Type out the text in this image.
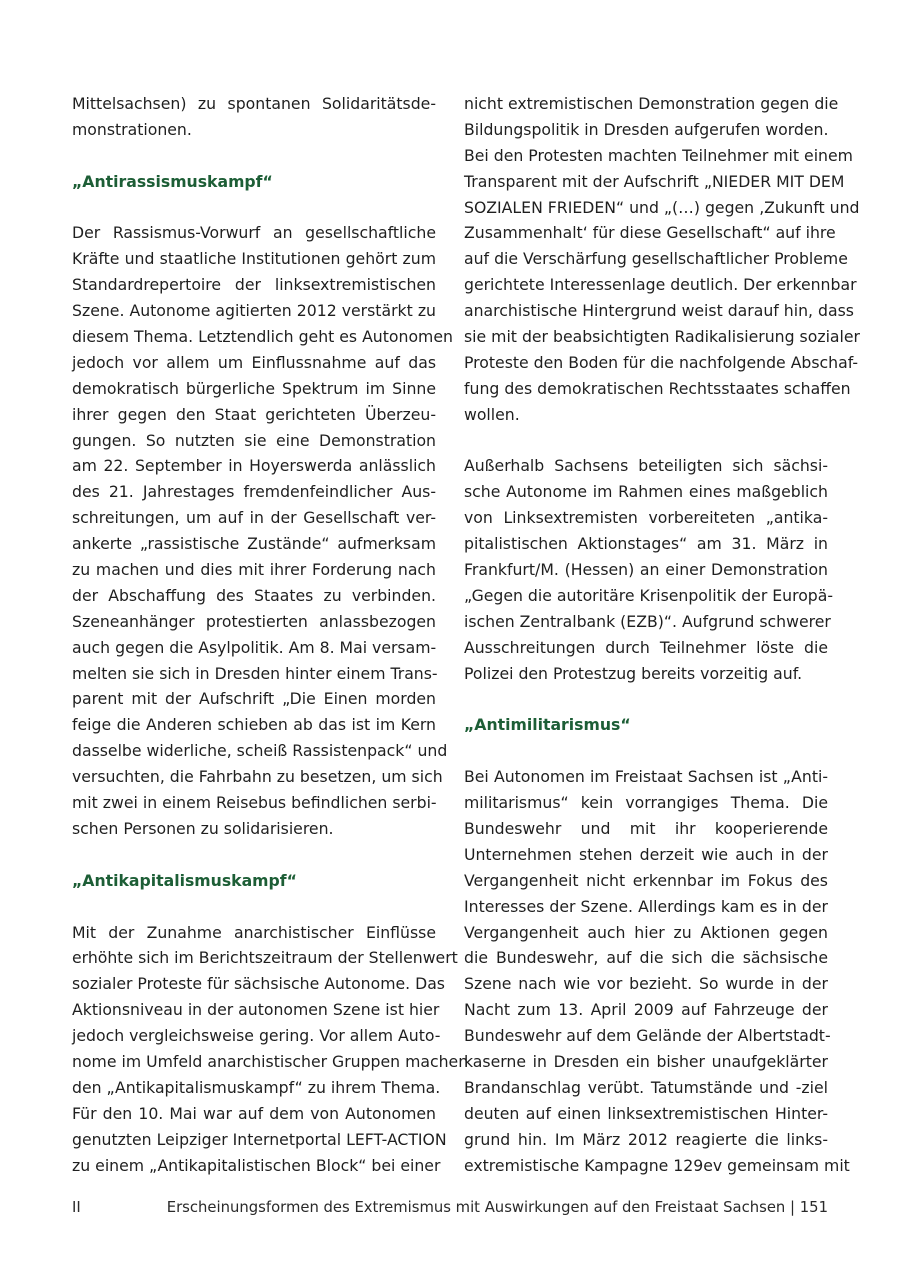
Mittelsachsen) zu spontanen Solidaritätsde-
monstrationen.
„Antirassismuskampf“
Der Rassismus-Vorwurf an gesellschaftliche
Kräfte und staatliche Institutionen gehört zum
Standardrepertoire der linksextremistischen
Szene. Autonome agitierten 2012 verstärkt zu
diesem Thema. Letztendlich geht es Autonomen
jedoch vor allem um Einflussnahme auf das
demokratisch bürgerliche Spektrum im Sinne
ihrer gegen den Staat gerichteten Überzeu-
gungen. So nutzten sie eine Demonstration
am 22. September in Hoyerswerda anlässlich
des 21. Jahrestages fremdenfeindlicher Aus-
schreitungen, um auf in der Gesellschaft ver-
ankerte „rassistische Zustände“ aufmerksam
zu machen und dies mit ihrer Forderung nach
der Abschaffung des Staates zu verbinden.
Szeneanhänger protestierten anlassbezogen
auch gegen die Asylpolitik. Am 8. Mai versam-
melten sie sich in Dresden hinter einem Trans-
parent mit der Aufschrift „Die Einen morden
feige die Anderen schieben ab das ist im Kern
dasselbe widerliche, scheiß Rassistenpack“ und
versuchten, die Fahrbahn zu besetzen, um sich
mit zwei in einem Reisebus befindlichen serbi-
schen Personen zu solidarisieren.
„Antikapitalismuskampf“
Mit der Zunahme anarchistischer Einflüsse
erhöhte sich im Berichtszeitraum der Stellenwert
sozialer Proteste für sächsische Autonome. Das
Aktionsniveau in der autonomen Szene ist hier
jedoch vergleichsweise gering. Vor allem Auto-
nome im Umfeld anarchistischer Gruppen machen
den „Antikapitalismuskampf“ zu ihrem Thema.
Für den 10. Mai war auf dem von Autonomen
genutzten Leipziger Internetportal LEFT-ACTION
zu einem „Antikapitalistischen Block“ bei einer
nicht extremistischen Demonstration gegen die
Bildungspolitik in Dresden aufgerufen worden.
Bei den Protesten machten Teilnehmer mit einem
Transparent mit der Aufschrift „NIEDER MIT DEM
SOZIALEN FRIEDEN“ und „(…) gegen ‚Zukunft und
Zusammenhalt‘ für diese Gesellschaft“ auf ihre
auf die Verschärfung gesellschaftlicher Probleme
gerichtete Interessenlage deutlich. Der erkennbar
anarchistische Hintergrund weist darauf hin, dass
sie mit der beabsichtigten Radikalisierung sozialer
Proteste den Boden für die nachfolgende Abschaf-
fung des demokratischen Rechtsstaates schaffen
wollen.
Außerhalb Sachsens beteiligten sich sächsi-
sche Autonome im Rahmen eines maßgeblich
von Linksextremisten vorbereiteten „antika-
pitalistischen Aktionstages“ am 31. März in
Frankfurt/M. (Hessen) an einer Demonstration
„Gegen die autoritäre Krisenpolitik der Europä-
ischen Zentralbank (EZB)“. Aufgrund schwerer
Ausschreitungen durch Teilnehmer löste die
Polizei den Protestzug bereits vorzeitig auf.
„Antimilitarismus“
Bei Autonomen im Freistaat Sachsen ist „Anti-
militarismus“ kein vorrangiges Thema. Die
Bundeswehr und mit ihr kooperierende
Unternehmen stehen derzeit wie auch in der
Vergangenheit nicht erkennbar im Fokus des
Interesses der Szene. Allerdings kam es in der
Vergangenheit auch hier zu Aktionen gegen
die Bundeswehr, auf die sich die sächsische
Szene nach wie vor bezieht. So wurde in der
Nacht zum 13. April 2009 auf Fahrzeuge der
Bundeswehr auf dem Gelände der Albertstadt-
kaserne in Dresden ein bisher unaufgeklärter
Brandanschlag verübt. Tatumstände und -ziel
deuten auf einen linksextremistischen Hinter-
grund hin. Im März 2012 reagierte die links-
extremistische Kampagne 129ev gemeinsam mit
II	Erscheinungsformen des Extremismus mit Auswirkungen auf den Freistaat Sachsen | 151
